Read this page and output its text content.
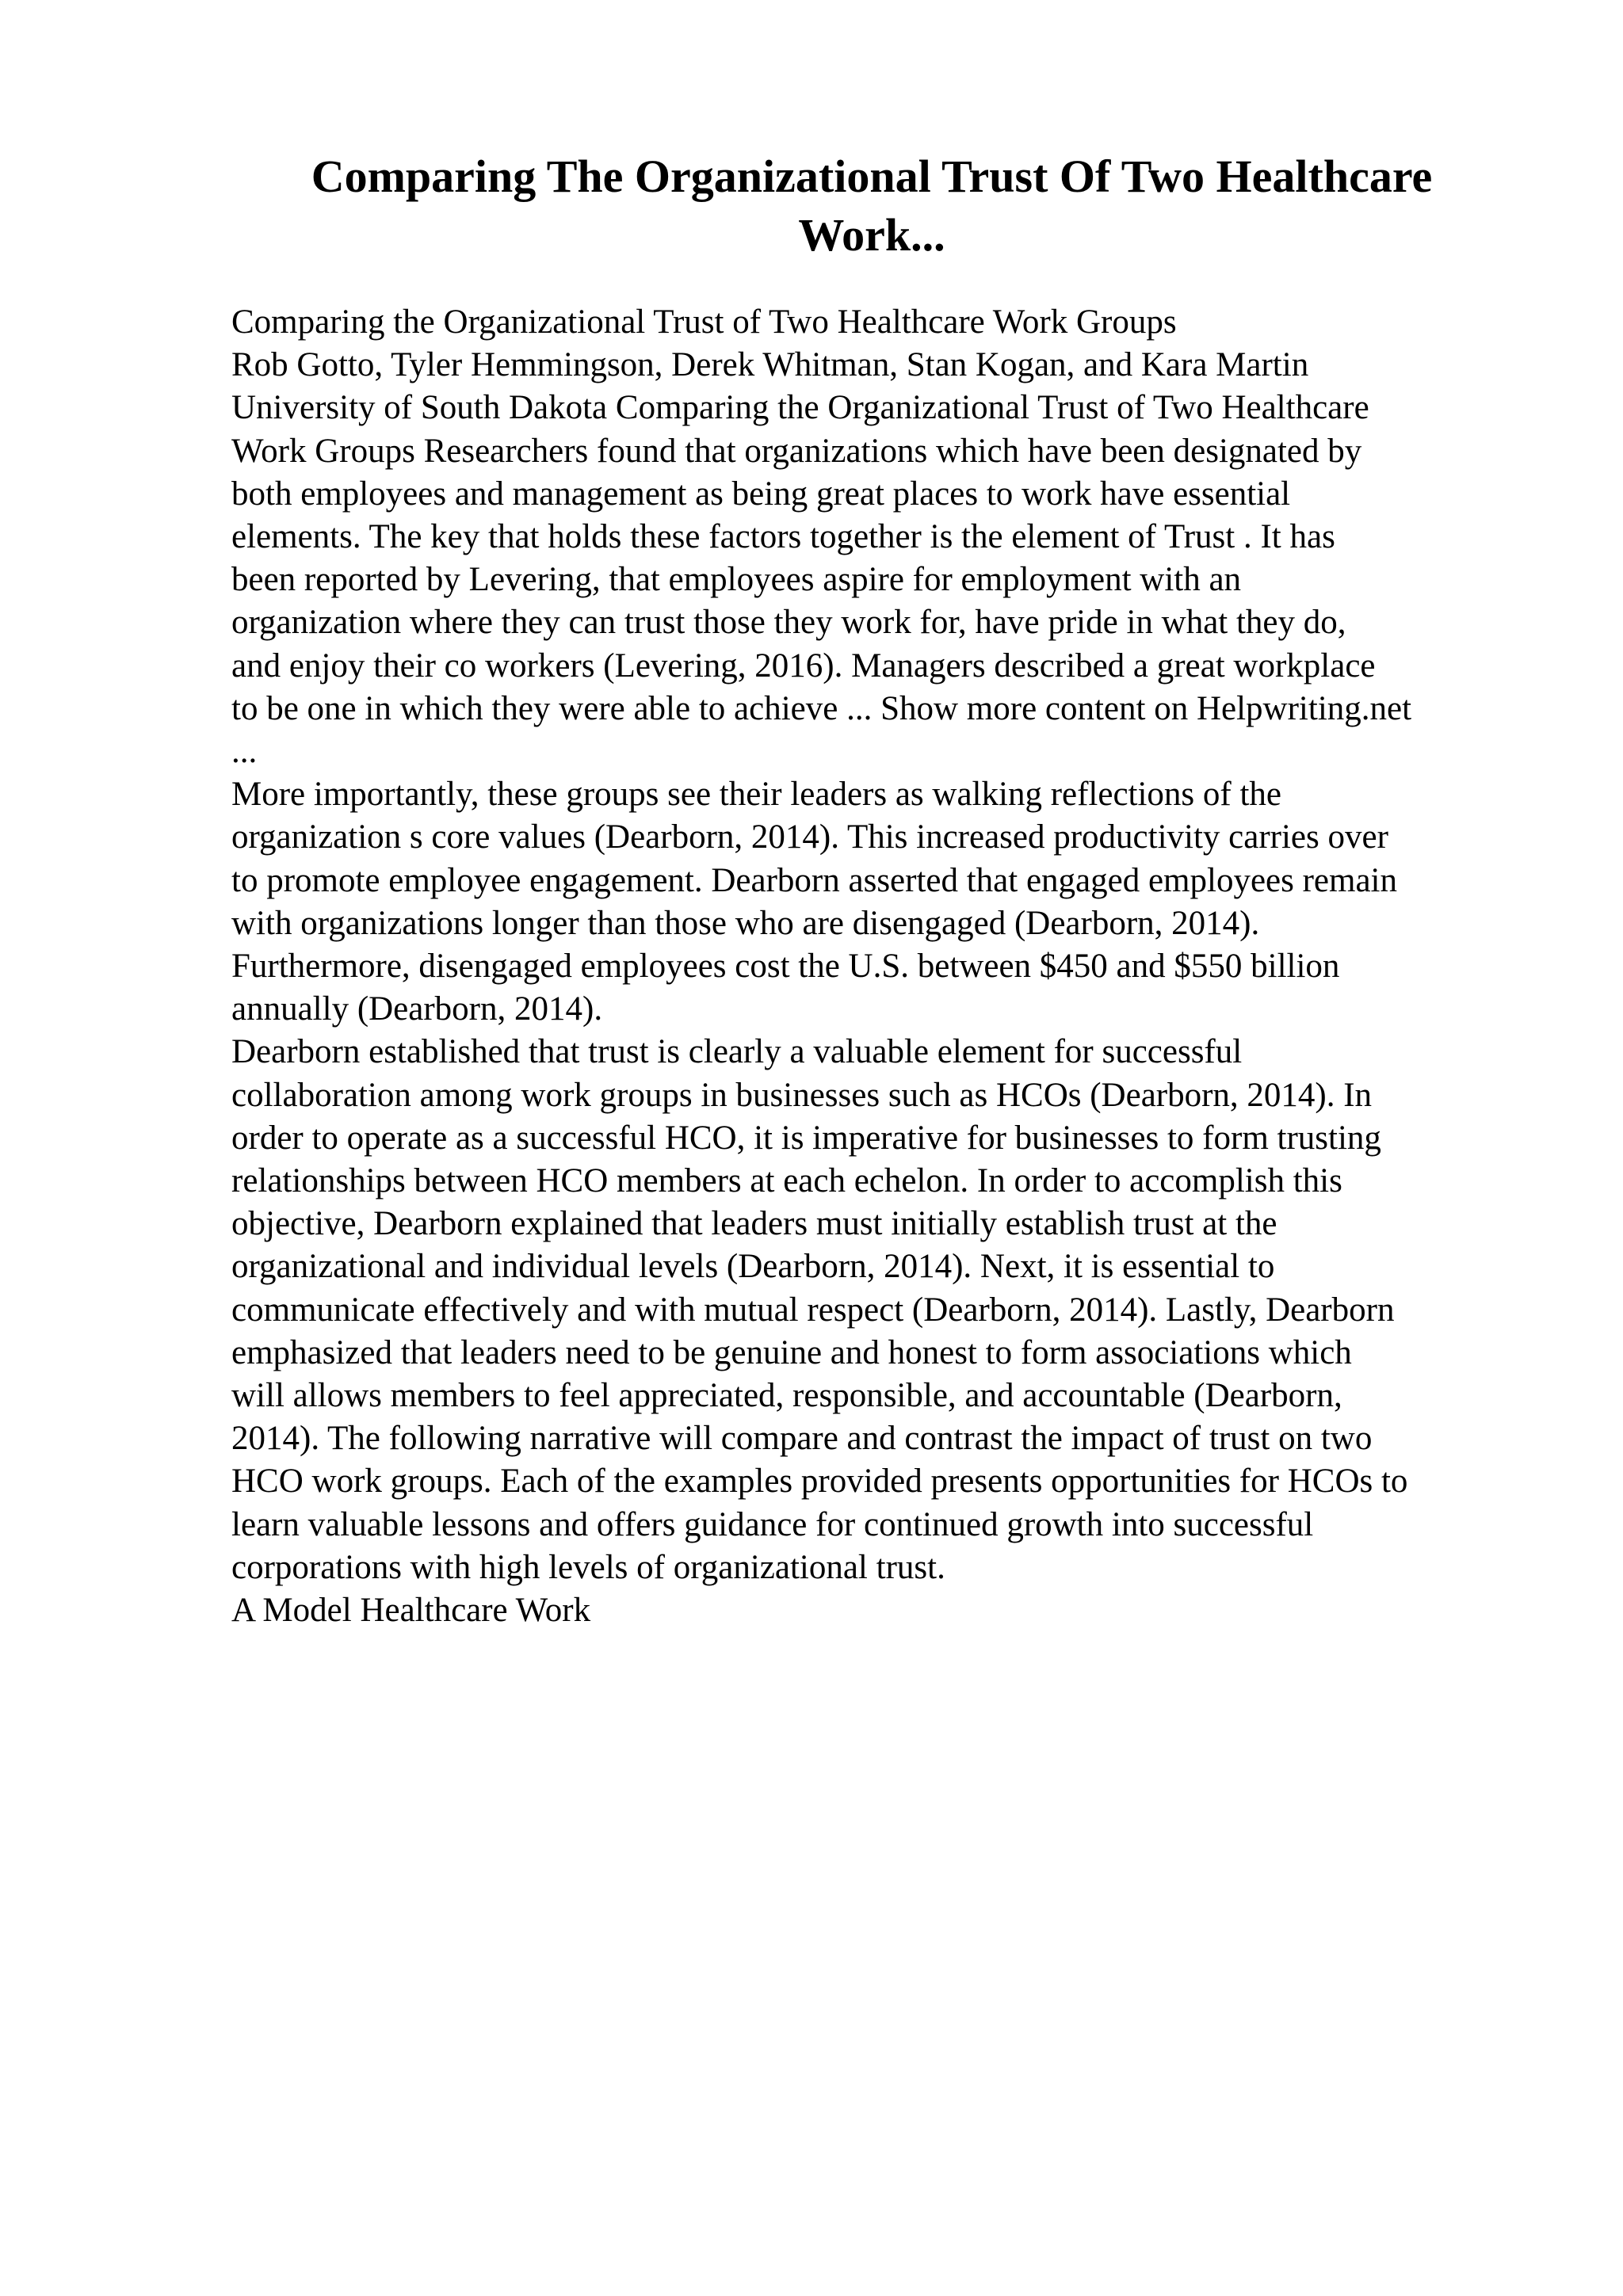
Comparing The Organizational Trust Of Two Healthcare
Work...
Comparing the Organizational Trust of Two Healthcare Work Groups
Rob Gotto, Tyler Hemmingson, Derek Whitman, Stan Kogan, and Kara Martin
University of South Dakota Comparing the Organizational Trust of Two Healthcare
Work Groups Researchers found that organizations which have been designated by
both employees and management as being great places to work have essential
elements. The key that holds these factors together is the element of Trust . It has
been reported by Levering, that employees aspire for employment with an
organization where they can trust those they work for, have pride in what they do,
and enjoy their co workers (Levering, 2016). Managers described a great workplace
to be one in which they were able to achieve ... Show more content on Helpwriting.net
...
More importantly, these groups see their leaders as walking reflections of the
organization s core values (Dearborn, 2014). This increased productivity carries over
to promote employee engagement. Dearborn asserted that engaged employees remain
with organizations longer than those who are disengaged (Dearborn, 2014).
Furthermore, disengaged employees cost the U.S. between $450 and $550 billion
annually (Dearborn, 2014).
Dearborn established that trust is clearly a valuable element for successful
collaboration among work groups in businesses such as HCOs (Dearborn, 2014). In
order to operate as a successful HCO, it is imperative for businesses to form trusting
relationships between HCO members at each echelon. In order to accomplish this
objective, Dearborn explained that leaders must initially establish trust at the
organizational and individual levels (Dearborn, 2014). Next, it is essential to
communicate effectively and with mutual respect (Dearborn, 2014). Lastly, Dearborn
emphasized that leaders need to be genuine and honest to form associations which
will allows members to feel appreciated, responsible, and accountable (Dearborn,
2014). The following narrative will compare and contrast the impact of trust on two
HCO work groups. Each of the examples provided presents opportunities for HCOs to
learn valuable lessons and offers guidance for continued growth into successful
corporations with high levels of organizational trust.
A Model Healthcare Work
